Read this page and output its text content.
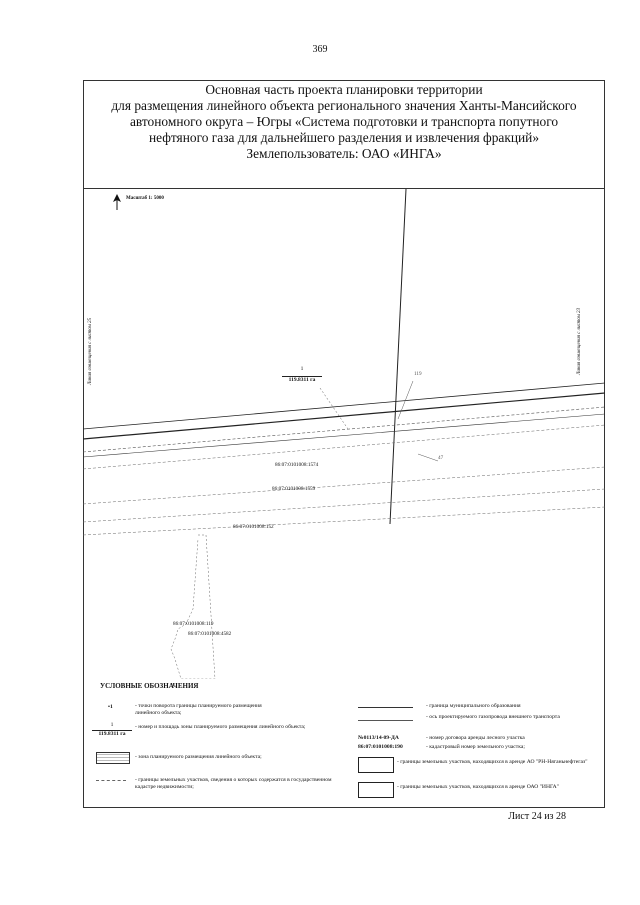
369
Основная часть проекта планировки территории
для размещения линейного объекта регионального значения Ханты-Мансийского
автономного округа – Югры «Система подготовки и транспорта попутного
нефтяного газа для дальнейшего разделения и извлечения фракций»
Землепользователь: ОАО «ИНГА»
Масштаб 1: 5000
Линия совмещения с листом 25	Линия совмещения с листом 23
1
119.8311 га
119
47
86:07:0101008:1574
86:07:0101008:1559
86:07:0101008:152
86:07:0101008:119
86:07:0101008:4582
УСЛОВНЫЕ ОБОЗНАЧЕНИЯ
•1	- точки поворота границы планируемого размещения линейного объекта;
1
119.8311 га
- номер и площадь зоны планируемого размещения линейного объекта;
- зона планируемого размещения линейного объекта;
- границы земельных участков, сведения о которых содержатся в государственном кадастре недвижимости;
- граница муниципального образования
- ось проектируемого газопровода внешнего транспорта
№0113/14-09-ДА	- номер договора аренды лесного участка
86:07:0101008:190	- кадастровый номер земельного участка;
- границы земельных участков, находящихся в аренде АО "РН-Няганьнефтегаз"
- границы земельных участков, находящихся в аренде ОАО "ИНГА"
Лист 24 из 28
